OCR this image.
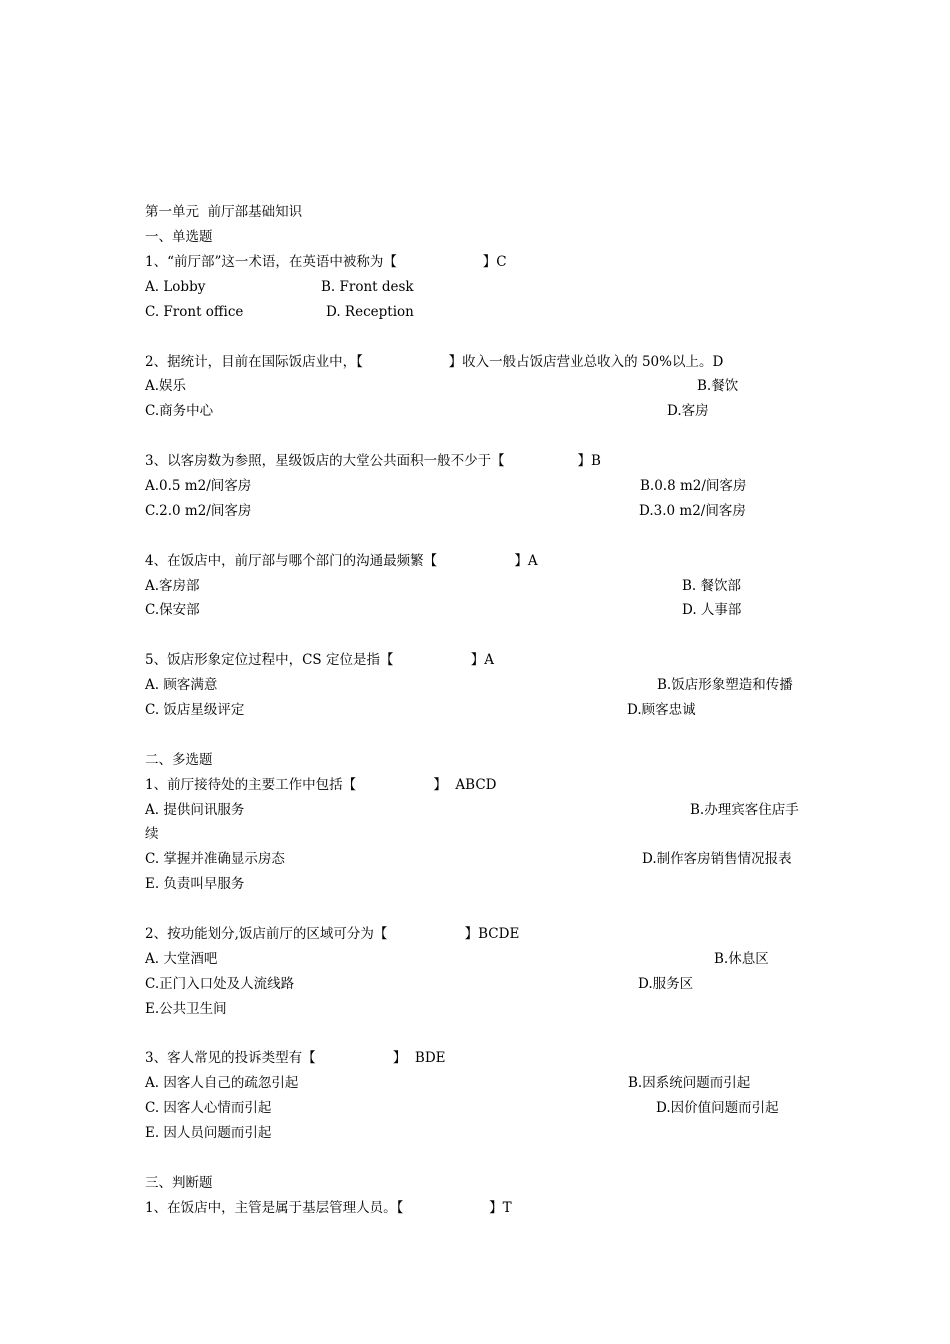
第一单元  前厅部基础知识
一、单选题
1、“前厅部”这一术语，在英语中被称为【                    】C
A. Lobby	B. Front desk
C. Front office	D. Reception
2、据统计，目前在国际饭店业中，【                    】收入一般占饭店营业总收入的 50%以上。D
A.娱乐	B.餐饮
C.商务中心	D.客房
3、以客房数为参照，星级饭店的大堂公共面积一般不少于【                 】B
A.0.5 m2/间客房	B.0.8 m2/间客房
C.2.0 m2/间客房	D.3.0 m2/间客房
4、在饭店中，前厅部与哪个部门的沟通最频繁【                  】A
A.客房部	B. 餐饮部
C.保安部	D. 人事部
5、饭店形象定位过程中，CS 定位是指【                  】A
A. 顾客满意	B.饭店形象塑造和传播
C. 饭店星级评定	D.顾客忠诚
二、多选题
1、前厅接待处的主要工作中包括【                  】  ABCD
A. 提供问讯服务	B.办理宾客住店手
续
C. 掌握并准确显示房态	D.制作客房销售情况报表
E. 负责叫早服务
2、按功能划分,饭店前厅的区域可分为【                  】BCDE
A. 大堂酒吧	B.休息区
C.正门入口处及人流线路	D.服务区
E.公共卫生间
3、客人常见的投诉类型有【                  】  BDE
A. 因客人自己的疏忽引起	B.因系统问题而引起
C. 因客人心情而引起	D.因价值问题而引起
E. 因人员问题而引起
三、判断题
1、在饭店中，主管是属于基层管理人员。【                    】T
